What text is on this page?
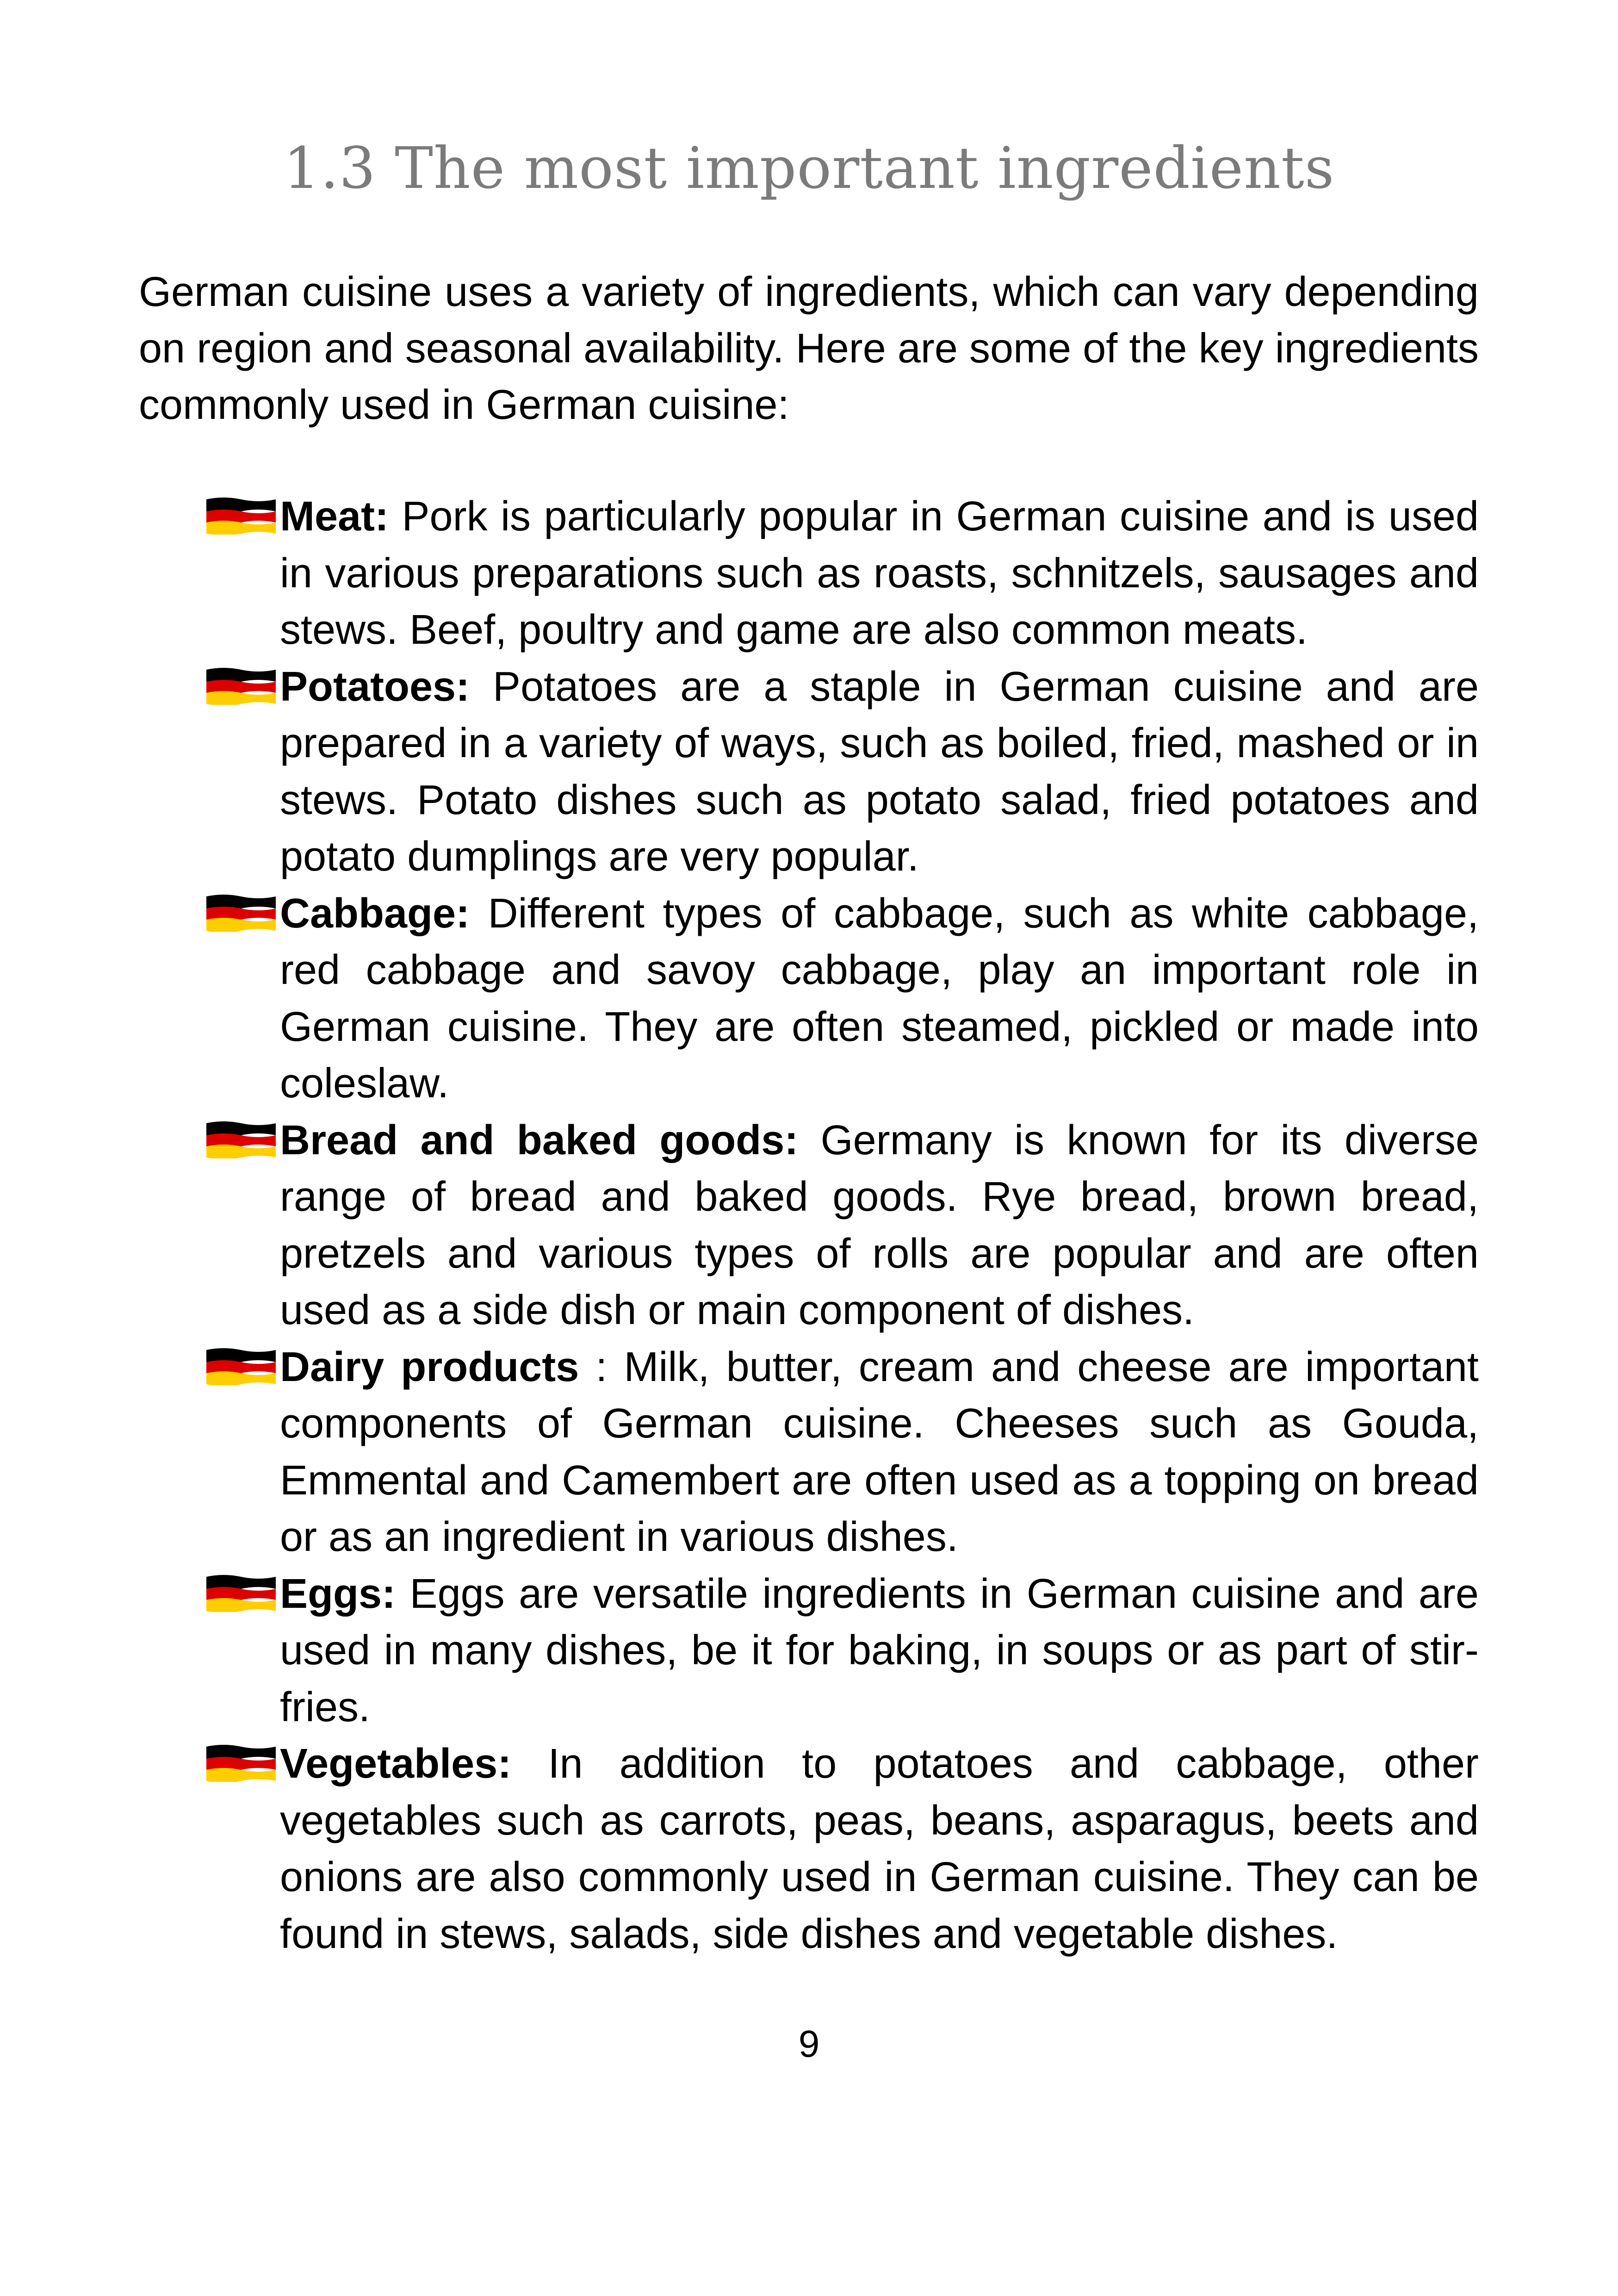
1.3 The most important ingredients

German cuisine uses a variety of ingredients, which can vary depending on region and seasonal availability. Here are some of the key ingredients commonly used in German cuisine:

Meat: Pork is particularly popular in German cuisine and is used in various preparations such as roasts, schnitzels, sausages and stews. Beef, poultry and game are also common meats.
Potatoes: Potatoes are a staple in German cuisine and are prepared in a variety of ways, such as boiled, fried, mashed or in stews. Potato dishes such as potato salad, fried potatoes and potato dumplings are very popular.
Cabbage: Different types of cabbage, such as white cabbage, red cabbage and savoy cabbage, play an important role in German cuisine. They are often steamed, pickled or made into coleslaw.
Bread and baked goods: Germany is known for its diverse range of bread and baked goods. Rye bread, brown bread, pretzels and various types of rolls are popular and are often used as a side dish or main component of dishes.
Dairy products : Milk, butter, cream and cheese are important components of German cuisine. Cheeses such as Gouda, Emmental and Camembert are often used as a topping on bread or as an ingredient in various dishes.
Eggs: Eggs are versatile ingredients in German cuisine and are used in many dishes, be it for baking, in soups or as part of stir-fries.
Vegetables: In addition to potatoes and cabbage, other vegetables such as carrots, peas, beans, asparagus, beets and onions are also commonly used in German cuisine. They can be found in stews, salads, side dishes and vegetable dishes.
9
